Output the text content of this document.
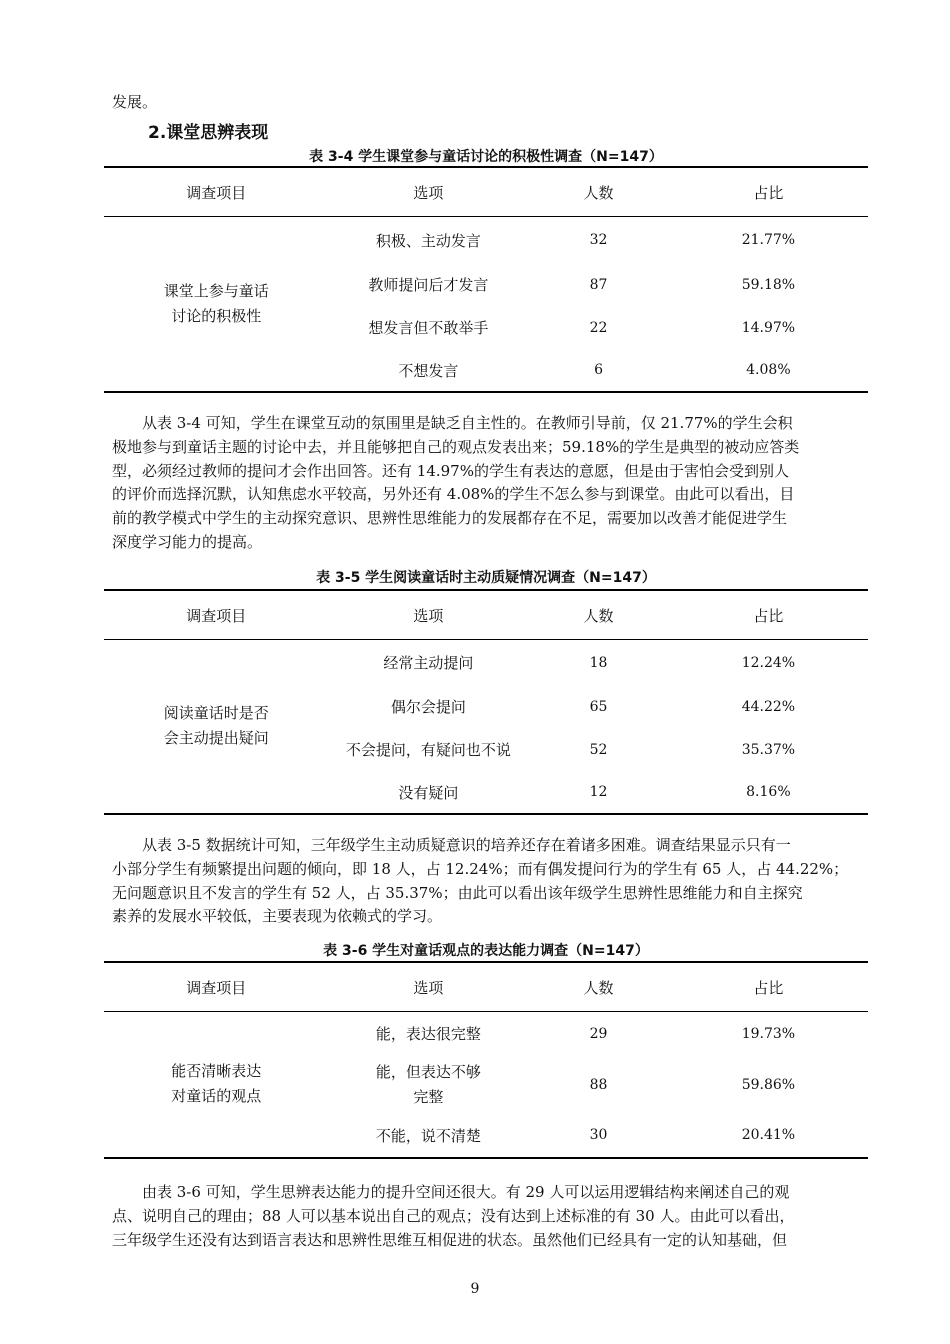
发展。

2.课堂思辨表现
表 3-4 学生课堂参与童话讨论的积极性调查（N=147）
调查项目	选项	人数	占比
课堂上参与童话
讨论的积极性	积极、主动发言	32	21.77%
	教师提问后才发言	87	59.18%
	想发言但不敢举手	22	14.97%
	不想发言	6	4.08%

　　从表 3-4 可知，学生在课堂互动的氛围里是缺乏自主性的。在教师引导前，仅 21.77%的学生会积
极地参与到童话主题的讨论中去，并且能够把自己的观点发表出来；59.18%的学生是典型的被动应答类
型，必须经过教师的提问才会作出回答。还有 14.97%的学生有表达的意愿，但是由于害怕会受到别人
的评价而选择沉默，认知焦虑水平较高，另外还有 4.08%的学生不怎么参与到课堂。由此可以看出，目
前的教学模式中学生的主动探究意识、思辨性思维能力的发展都存在不足，需要加以改善才能促进学生
深度学习能力的提高。

表 3-5 学生阅读童话时主动质疑情况调查（N=147）
调查项目	选项	人数	占比
阅读童话时是否
会主动提出疑问	经常主动提问	18	12.24%
	偶尔会提问	65	44.22%
	不会提问，有疑问也不说	52	35.37%
	没有疑问	12	8.16%

　　从表 3-5 数据统计可知，三年级学生主动质疑意识的培养还存在着诸多困难。调查结果显示只有一
小部分学生有频繁提出问题的倾向，即 18 人，占 12.24%；而有偶发提问行为的学生有 65 人，占 44.22%；
无问题意识且不发言的学生有 52 人，占 35.37%；由此可以看出该年级学生思辨性思维能力和自主探究
素养的发展水平较低，主要表现为依赖式的学习。

表 3-6 学生对童话观点的表达能力调查（N=147）
调查项目	选项	人数	占比
能否清晰表达
对童话的观点	能，表达很完整	29	19.73%
	能，但表达不够
完整	88	59.86%
	不能，说不清楚	30	20.41%

　　由表 3-6 可知，学生思辨表达能力的提升空间还很大。有 29 人可以运用逻辑结构来阐述自己的观
点、说明自己的理由；88 人可以基本说出自己的观点；没有达到上述标准的有 30 人。由此可以看出，
三年级学生还没有达到语言表达和思辨性思维互相促进的状态。虽然他们已经具有一定的认知基础，但

9
